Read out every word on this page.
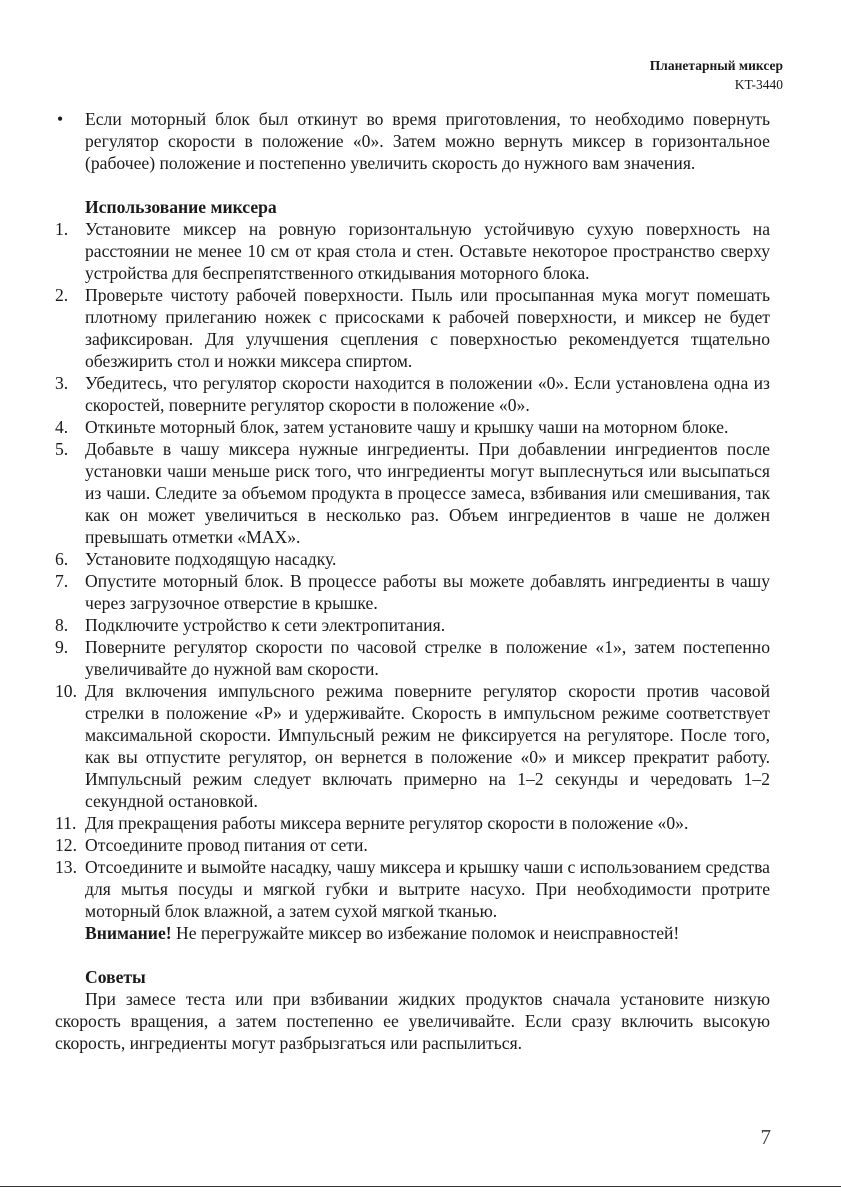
Планетарный миксер
KT-3440
•	Если моторный блок был откинут во время приготовления, то необходимо повернуть регулятор скорости в положение «0». Затем можно вернуть миксер в горизонтальное (рабочее) положение и постепенно увеличить скорость до нужного вам значения.
Использование миксера
1. Установите миксер на ровную горизонтальную устойчивую сухую поверхность на расстоянии не менее 10 см от края стола и стен. Оставьте некоторое пространство сверху устройства для беспрепятственного откидывания моторного блока.
2. Проверьте чистоту рабочей поверхности. Пыль или просыпанная мука могут помешать плотному прилеганию ножек с присосками к рабочей поверхности, и миксер не будет зафиксирован. Для улучшения сцепления с поверхностью рекомендуется тщательно обезжирить стол и ножки миксера спиртом.
3. Убедитесь, что регулятор скорости находится в положении «0». Если установлена одна из скоростей, поверните регулятор скорости в положение «0».
4. Откиньте моторный блок, затем установите чашу и крышку чаши на моторном блоке.
5. Добавьте в чашу миксера нужные ингредиенты. При добавлении ингредиентов после установки чаши меньше риск того, что ингредиенты могут выплеснуться или высыпаться из чаши. Следите за объемом продукта в процессе замеса, взбивания или смешивания, так как он может увеличиться в несколько раз. Объем ингредиентов в чаше не должен превышать отметки «MAX».
6. Установите подходящую насадку.
7. Опустите моторный блок. В процессе работы вы можете добавлять ингредиенты в чашу через загрузочное отверстие в крышке.
8. Подключите устройство к сети электропитания.
9. Поверните регулятор скорости по часовой стрелке в положение «1», затем постепенно увеличивайте до нужной вам скорости.
10. Для включения импульсного режима поверните регулятор скорости против часовой стрелки в положение «P» и удерживайте. Скорость в импульсном режиме соответствует максимальной скорости. Импульсный режим не фиксируется на регуляторе. После того, как вы отпустите регулятор, он вернется в положение «0» и миксер прекратит работу. Импульсный режим следует включать примерно на 1–2 секунды и чередовать 1–2 секундной остановкой.
11. Для прекращения работы миксера верните регулятор скорости в положение «0».
12. Отсоедините провод питания от сети.
13. Отсоедините и вымойте насадку, чашу миксера и крышку чаши с использованием средства для мытья посуды и мягкой губки и вытрите насухо. При необходимости протрите моторный блок влажной, а затем сухой мягкой тканью.
Внимание! Не перегружайте миксер во избежание поломок и неисправностей!
Советы
При замесе теста или при взбивании жидких продуктов сначала установите низкую скорость вращения, а затем постепенно ее увеличивайте. Если сразу включить высокую скорость, ингредиенты могут разбрызгаться или распылиться.
7
